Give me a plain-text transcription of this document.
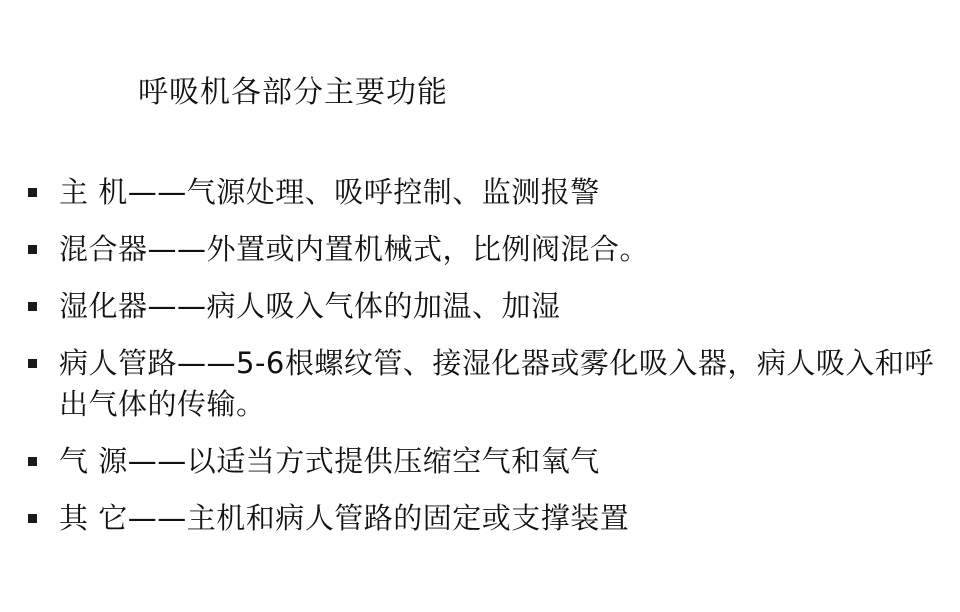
呼吸机各部分主要功能
主 机——气源处理、吸呼控制、监测报警
混合器——外置或内置机械式，比例阀混合。
湿化器——病人吸入气体的加温、加湿
病人管路——5-6根螺纹管、接湿化器或雾化吸入器，病人吸入和呼出气体的传输。
气 源——以适当方式提供压缩空气和氧气
其 它——主机和病人管路的固定或支撑装置
